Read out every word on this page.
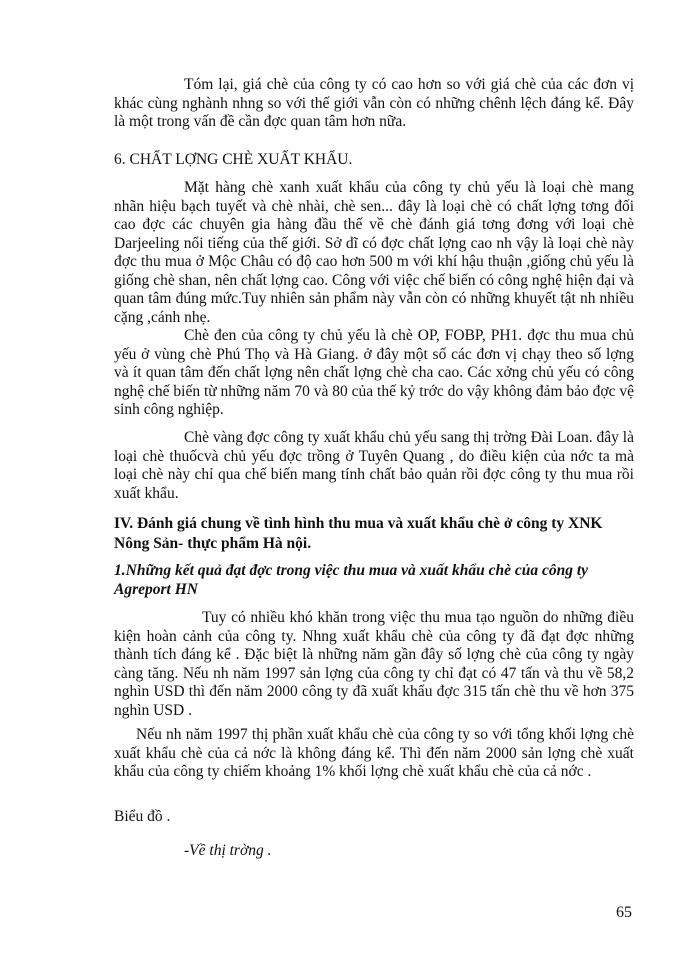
Tóm lại, giá chè của công ty có cao hơn so với giá chè của các đơn vị khác cùng nghành nhng so với thế giới vẫn còn có những chênh lệch đáng kể. Đây là một trong vấn đề cần đợc quan tâm hơn nữa.

6. CHẤT LỢNG CHÈ XUẤT KHẨU.

Mặt hàng chè xanh xuất khẩu của công ty chủ yếu là loại chè mang nhãn hiệu bạch tuyết và chè nhài, chè sen... đây là loại chè có chất lợng tơng đối cao đợc các chuyên gia hàng đầu thế về chè đánh giá tơng đơng với loại chè Darjeeling nổi tiếng của thế giới. Sở dĩ có đợc chất lợng cao nh vậy là loại chè này đợc thu mua ở Mộc Châu có độ cao hơn 500 m với khí hậu thuận ,giống chủ yếu là giống chè shan, nên chất lợng cao. Công với việc chế biến có công nghệ hiện đại và quan tâm đúng mức.Tuy nhiên sản phẩm này vẫn còn có những khuyết tật nh nhiều cặng ,cánh nhẹ.

Chè đen của công ty chủ yếu là chè OP, FOBP, PH1. đợc thu mua chủ yếu ở vùng chè Phú Thọ và Hà Giang. ở đây một số các đơn vị chạy theo số lợng và ít quan tâm đến chất lợng nên chất lợng chè cha cao. Các xởng chủ yếu có công nghệ chế biến từ những năm 70 và 80 của thế kỷ trớc do vậy không đảm bảo đợc vệ sinh công nghiệp.

Chè vàng đợc công ty xuất khẩu chủ yếu sang thị trờng Đài Loan. đây là loại chè thuốcvà chủ yếu đợc trồng ở Tuyên Quang , do điều kiện của nớc ta mà loại chè này chỉ qua chế biến mang tính chất bảo quản rồi đợc công ty thu mua rồi xuất khẩu.

IV. Đánh giá chung về tình hình thu mua và xuất khẩu chè ở công ty XNK Nông Sản- thực phẩm Hà nội.

1.Những kết quả đạt đợc trong việc thu mua và xuất khẩu chè của công ty Agreport HN

Tuy có nhiều khó khăn trong việc thu mua tạo nguồn do những điều kiện hoàn cảnh của công ty. Nhng xuất khẩu chè của công ty đã đạt đợc những thành tích đáng kể . Đặc biệt là những năm gần đây số lợng chè của công ty ngày càng tăng. Nếu nh năm 1997 sản lợng của công ty chỉ đạt có 47 tấn và thu về 58,2 nghìn USD thì đến năm 2000 công ty đã xuất khẩu đợc 315 tấn chè thu về hơn 375 nghìn USD .

Nếu nh năm 1997 thị phần xuất khẩu chè của công ty so với tổng khối lợng chè xuất khẩu chè của cả nớc là không đáng kể. Thì đến năm 2000 sản lợng chè xuất khẩu của công ty chiếm khoảng 1% khối lợng chè xuất khẩu chè của cả nớc .

Biểu đồ .

-Về thị trờng .

65
